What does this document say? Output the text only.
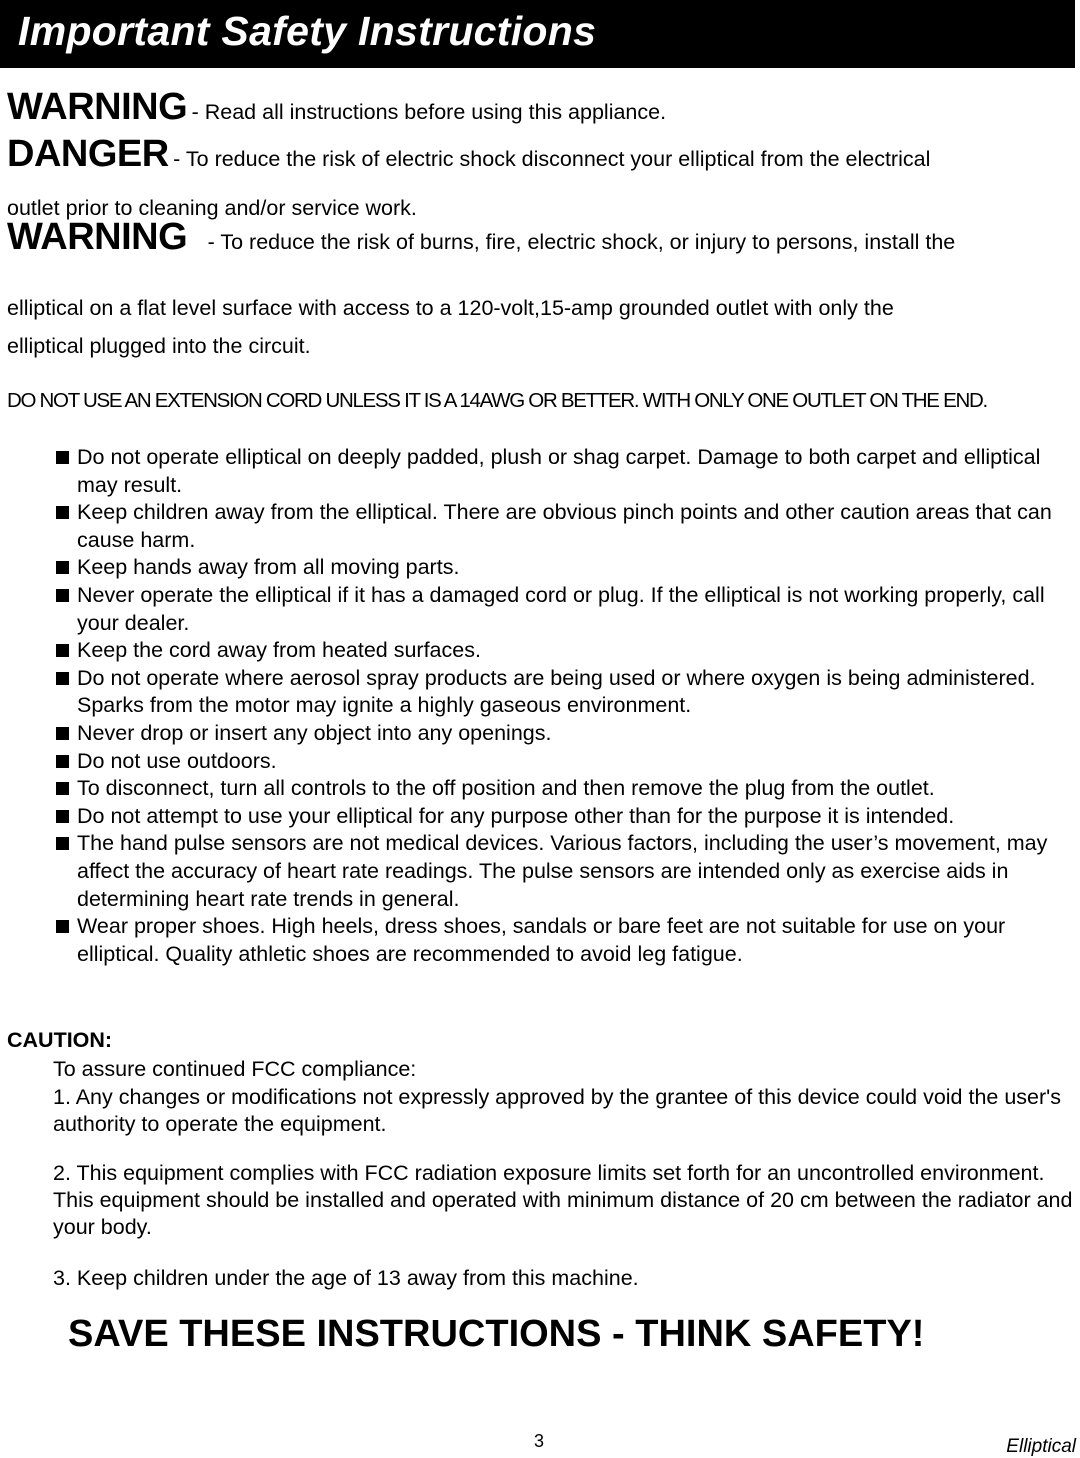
Important Safety Instructions
WARNING - Read all instructions before using this appliance.
DANGER - To reduce the risk of electric shock disconnect your elliptical from the electrical
outlet prior to cleaning and/or service work.
WARNING - To reduce the risk of burns, fire, electric shock, or injury to persons, install the
elliptical on a flat level surface with access to a 120-volt,15-amp grounded outlet with only the
elliptical plugged into the circuit.
DO NOT USE AN EXTENSION CORD UNLESS IT IS A 14AWG OR BETTER. WITH ONLY ONE OUTLET ON THE END.
Do not operate elliptical on deeply padded, plush or shag carpet. Damage to both carpet and elliptical may result.
Keep children away from the elliptical. There are obvious pinch points and other caution areas that can cause harm.
Keep hands away from all moving parts.
Never operate the elliptical if it has a damaged cord or plug. If the elliptical is not working properly, call your dealer.
Keep the cord away from heated surfaces.
Do not operate where aerosol spray products are being used or where oxygen is being administered. Sparks from the motor may ignite a highly gaseous environment.
Never drop or insert any object into any openings.
Do not use outdoors.
To disconnect, turn all controls to the off position and then remove the plug from the outlet.
Do not attempt to use your elliptical for any purpose other than for the purpose it is intended.
The hand pulse sensors are not medical devices. Various factors, including the user’s movement, may affect the accuracy of heart rate readings. The pulse sensors are intended only as exercise aids in determining heart rate trends in general.
Wear proper shoes. High heels, dress shoes, sandals or bare feet are not suitable for use on your elliptical. Quality athletic shoes are recommended to avoid leg fatigue.
CAUTION:
To assure continued FCC compliance:
1. Any changes or modifications not expressly approved by the grantee of this device could void the user's authority to operate the equipment.
2. This equipment complies with FCC radiation exposure limits set forth for an uncontrolled environment. This equipment should be installed and operated with minimum distance of 20 cm between the radiator and your body.
3. Keep children under the age of 13 away from this machine.
SAVE THESE INSTRUCTIONS - THINK SAFETY!
3	Elliptical
